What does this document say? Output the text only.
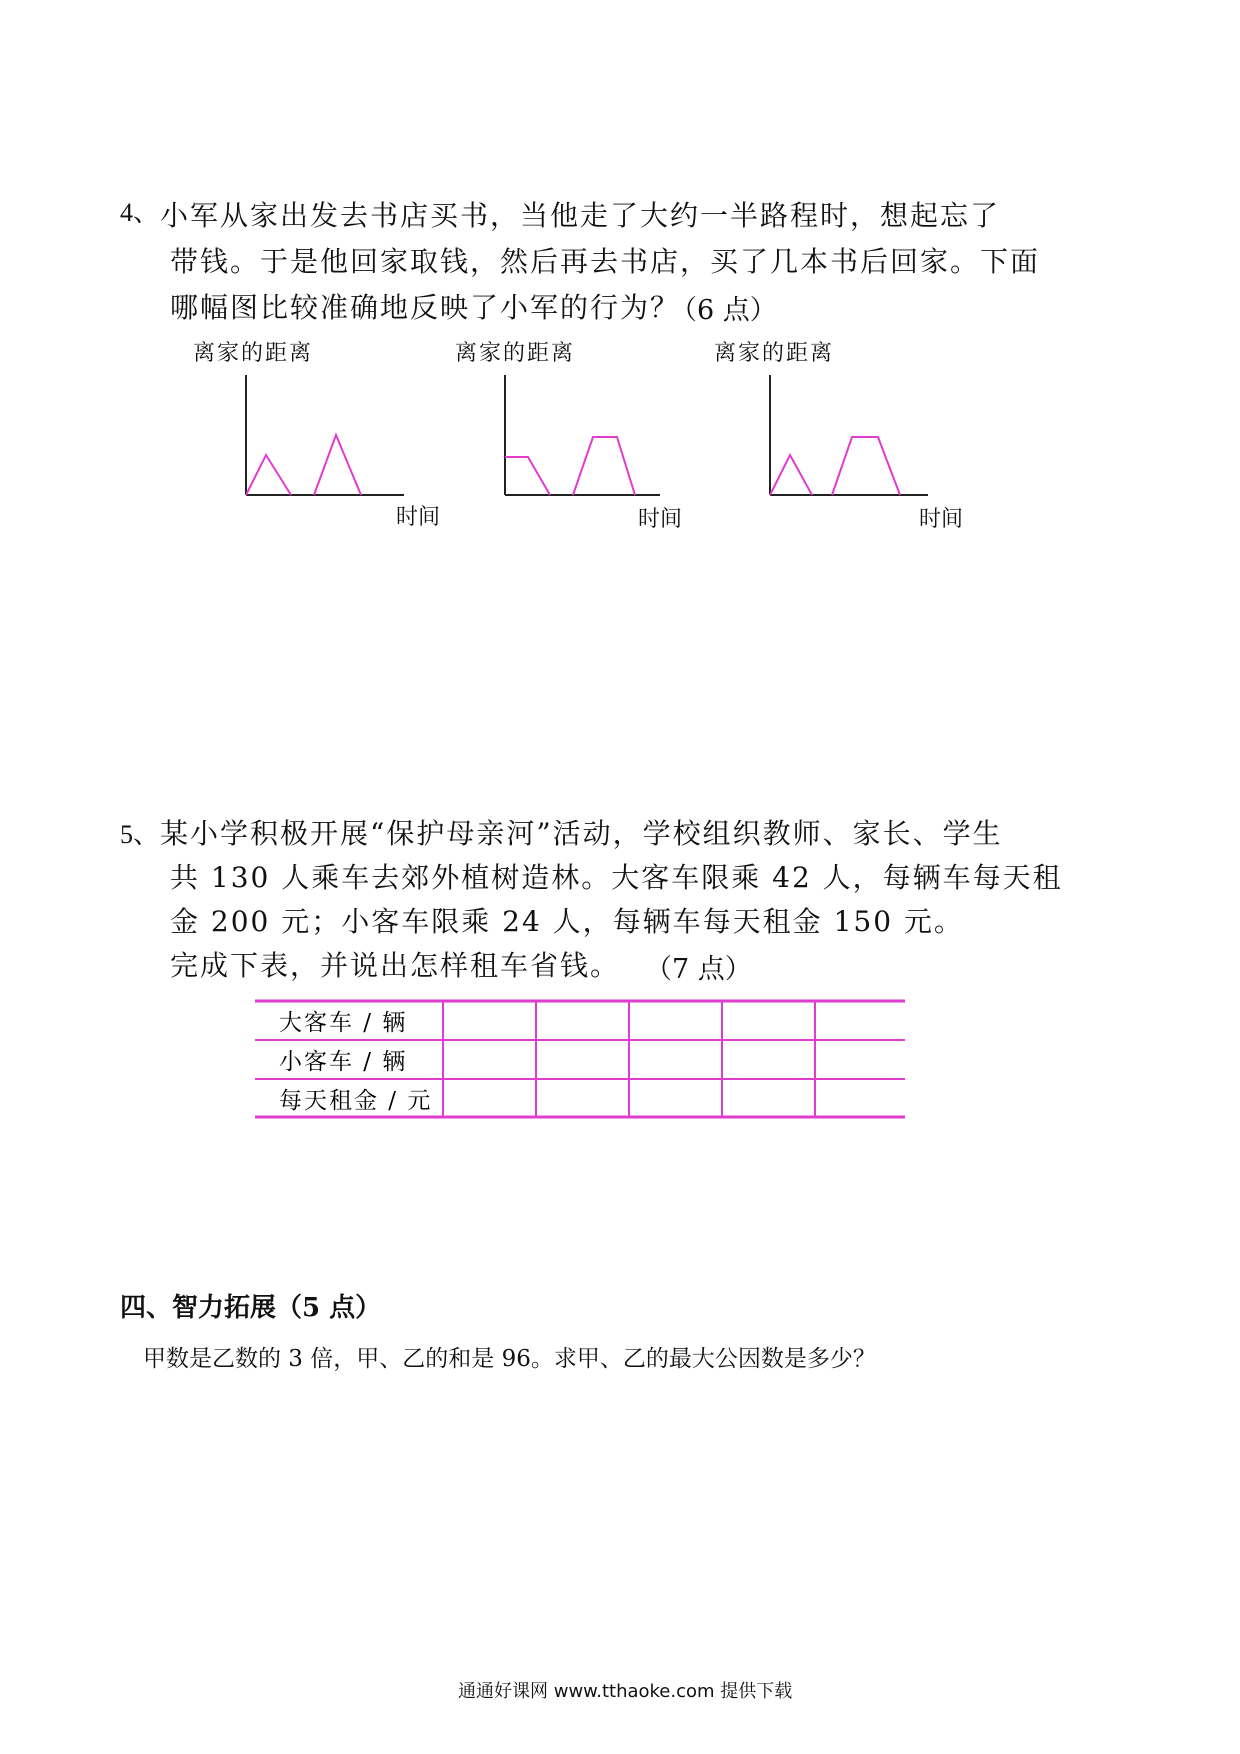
4、 小军从家出发去书店买书，当他走了大约一半路程时，想起忘了
带钱。于是他回家取钱，然后再去书店，买了几本书后回家。下面
哪幅图比较准确地反映了小军的行为？
（6 点）
离家的距离
时间
离家的距离
时间
离家的距离
时间
5、 某小学积极开展“保护母亲河”活动，学校组织教师、家长、学生
共 130 人乘车去郊外植树造林。大客车限乘 42 人，每辆车每天租
金 200 元；小客车限乘 24 人，每辆车每天租金 150 元。
完成下表，并说出怎样租车省钱。 （7 点）
大客车 / 辆
小客车 / 辆
每天租金 / 元
四、智力拓展（5 点）
甲数是乙数的 3 倍，甲、乙的和是 96。求甲、乙的最大公因数是多少？
通通好课网 www.tthaoke.com 提供下载
